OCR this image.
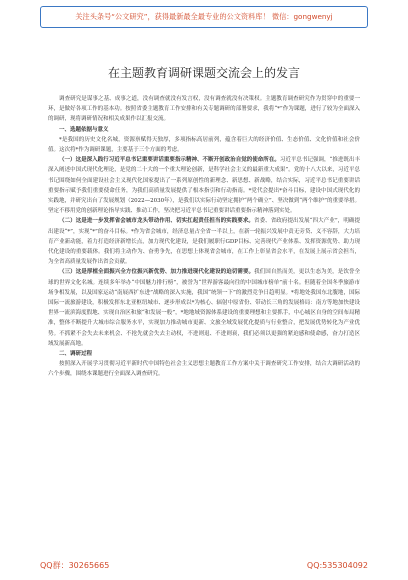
关注头条号“公文研究”，获得最新最全最专业的公文资料库！ 微信：gongwenyj
在主题教育调研课题交流会上的发言

调查研究是谋事之基、成事之道，没有调查就没有发言权，没有调查就没有决策权。主题教育调查研究作为贯穿中的重要一环，是做好各项工作的基本功。按照省委主题教育工作安排和有关专题调研的部署要求，我将“*”作为课题，进行了较为全面深入的调研，现将调研情况和相关成果作以汇报交流。

一、选题依据与意义

*是我国的历史文化名城，资源禀赋得天独厚，多项指标高居前列，蕴含着巨大的经济价值、生态价值、文化价值和社会价值。这次将*作为调研课题，主要基于三个方面的考虑。

（一）这是深入践行习近平总书记重要讲话重要指示精神、不断开创政治自觉的使命所在。习近平总书记强调，“推进既出丰深入阐述中国式现代化理论，是党的二十大的一个重大理论创新，是科学社会主义的最新重大成果”。党的十八大以来，习近平总书记围绕如何全面建设社会主义现代化国家提出了一系列原创性的新理念、新思想、新战略，结合实际，习近平总书记重要讲话重要指示赋予我们重要使命任务，为我们高质量发展提供了根本指引和行动指南。*党代会提出*奋斗目标，建设中国式现代化的实践地，并研究出台了发展规划（2022—2030年），是我们以实际行动坚定拥护“两个确立”、坚决做到“两个维护”的重要举措。坚定不移用党的创新理论指导实践、推动工作，坚决把习近平总书记重要讲话重要指示精神落到实处。

（二）这是进一步发挥省会城市龙头带动作用、切实扛起责任担当的实践要求。省委、省政府提出发展“四大产业”，明确提出建设“*”，实现“*”的奋斗目标。*作为省会城市，经济总量占全省一半以上，在新一轮振兴发展中责无旁贷、义不容辞，大力培育产业新动能，着力打造经济新增长点，加力现代化建设，是我们履职行GDP目标、完善现代产业体系、发挥资源优势、助力现代化建设的重要载体。我们将主动作为、奋勇争先，在思想上体现省会城市，在工作上彰显省会水平，在发展上展示省会担当，为全省高质量发展作出省会贡献。

（三）这是厚植全面振兴全方位振兴新优势、加力推进现代化建设的迫切需要。我们国自然而美，更以生态为美，是饮誉全球的世界文化名城。连续多年举办“中国魅力排行榜”，被誉为“世界游客最向往的中国城市榜单”前十名。但随着全国冬季旅游市场争相发展，以及国家运动“南展西扩东进”战略的深入实施，我国“统领一下”的激烈竞争日趋明显。*将地处我国东北腹地，国际国际一流旅游建设，积极发挥东北亚枢纽城市、逐步形成以*为核心、辐射中原省份、带动长三角的发展格局：南方等地加快建设世界一流滨海度假地、实现自治区和旅“和发展一般”，*地地域资源体系建设的重要理想和主要抓手，中心城区自身的空间布局精准，整体不断提升大城市综合服务水平，实现加力推动城市更新、文旅全域发展优化提质与行业整合，把发展优势转化为产业优势。不抓紧不会失去未来机会、不抢先就会失去主动权，不进则退、不进则衰，我们必须以更强的紧迫感和使命感，奋力打造区域发展新高地。

二、调研过程

按照深入开展学习贯彻习近平新时代中国特色社会主义思想主题教育工作方案中关于调查研究工作安排，结合大调研活动的六个步骤，围绕本课题进行全面深入调查研究。

QQ群：30265665	QQ:535304092
